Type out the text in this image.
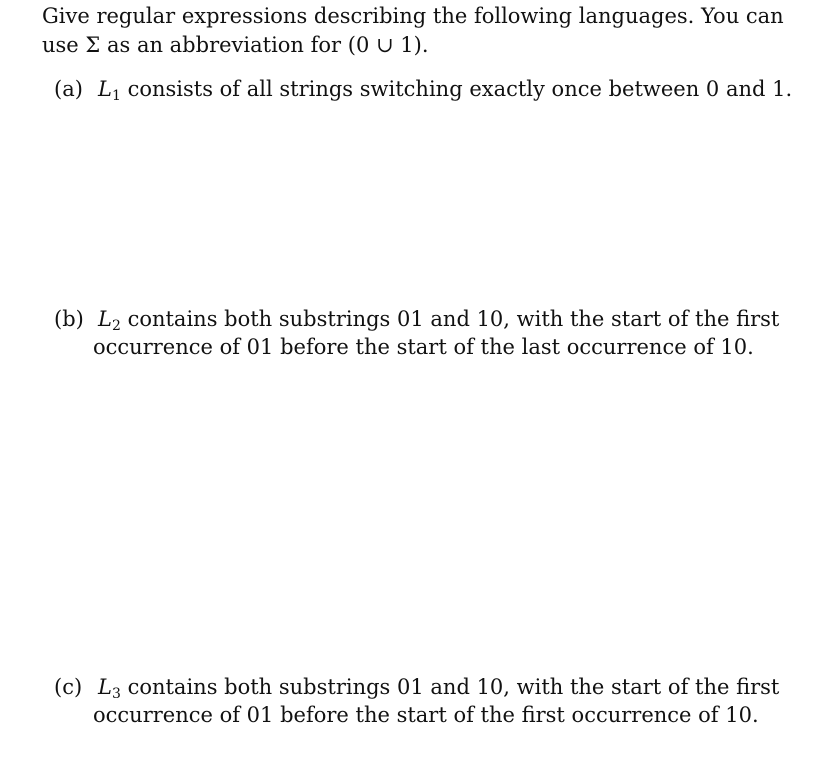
Give regular expressions describing the following languages. You can
use Σ as an abbreviation for (0 ∪ 1).
(a) $L_1$ consists of all strings switching exactly once between 0 and 1.
(b) $L_2$ contains both substrings 01 and 10, with the start of the first
occurrence of 01 before the start of the last occurrence of 10.
(c) $L_3$ contains both substrings 01 and 10, with the start of the first
occurrence of 01 before the start of the first occurrence of 10.
